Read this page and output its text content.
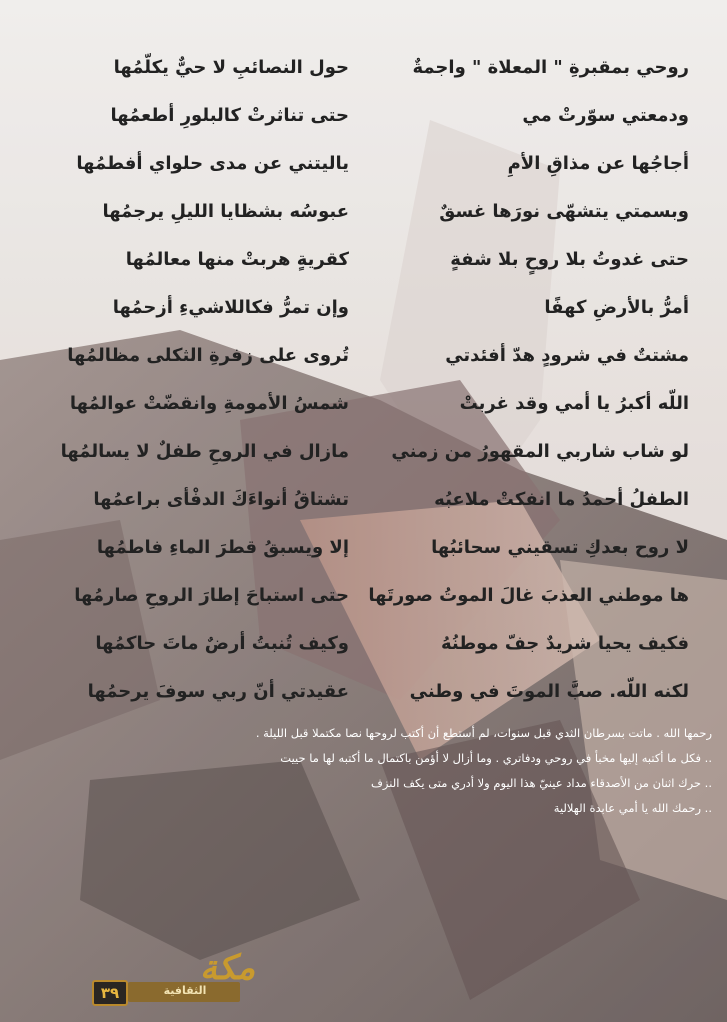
روحي بمقبرةِ " المعلاة " واجمةٌ
حول النصائبِ لا حيٌّ يكلّمُها
ودمعتي سوّرتْ مي
حتى تناثرتْ كالبلورِ أطعمُها
أجاجُها عن مذاقِ الأمِ
ياليتني عن مدى حلواي أفطمُها
وبسمتي يتشهّى نورَها غسقٌ
عبوسُه بشظايا الليلِ يرجمُها
حتى غدوتُ بلا روحٍ بلا شفةٍ
كقريةٍ هربتْ منها معالمُها
أمرُّ بالأرضِ كهفًا
وإن تمرُّ فكاللاشيءِ أزحمُها
مشتتٌ في شرودٍ هدّ أفئدتي
تُروى على زفرةِ الثكلى مظالمُها
اللّه أكبرُ يا أمي وقد غربتْ
شمسُ الأمومةِ وانقضّتْ عوالمُها
لو شاب شاربي المقهورُ من زمني
مازال في الروحِ طفلٌ لا يسالمُها
الطفلُ أحمدُ ما انفكتْ ملاعبُه
تشتاقُ أنواءَكَ الدفْأى براعمُها
لا روح بعدكِ تسقيني سحائبُها
إلا ويسبقُ قطرَ الماءِ فاطمُها
ها موطني العذبَ غالَ الموتُ صورتَها
حتى استباحَ إطارَ الروحِ صارمُها
فكيف يحيا شريدٌ جفّ موطنُهُ
وكيف تُنبتُ أرضٌ ماتَ حاكمُها
لكنه اللّه. صبَّ الموتَ في وطني
عقيدتي أنّ ربي سوفَ يرحمُها
رحمها الله . ماتت بسرطان الثدي قبل سنوات، لم أستطع أن أكتب لروحها نصا مكتملا قبل الليلة .
.. فكل ما أكتبه إليها مخبأ في روحي ودفاتري . وما أزال لا أؤمن باكتمال ما أكتبه لها ما حييت
.. حرك اثنان من الأصدقاء مداد عينيّ هذا اليوم ولا أدري متى يكف النزف
.. رحمك الله يا أمي عابدة الهلالية
٣٩	الثقافية
مكة
